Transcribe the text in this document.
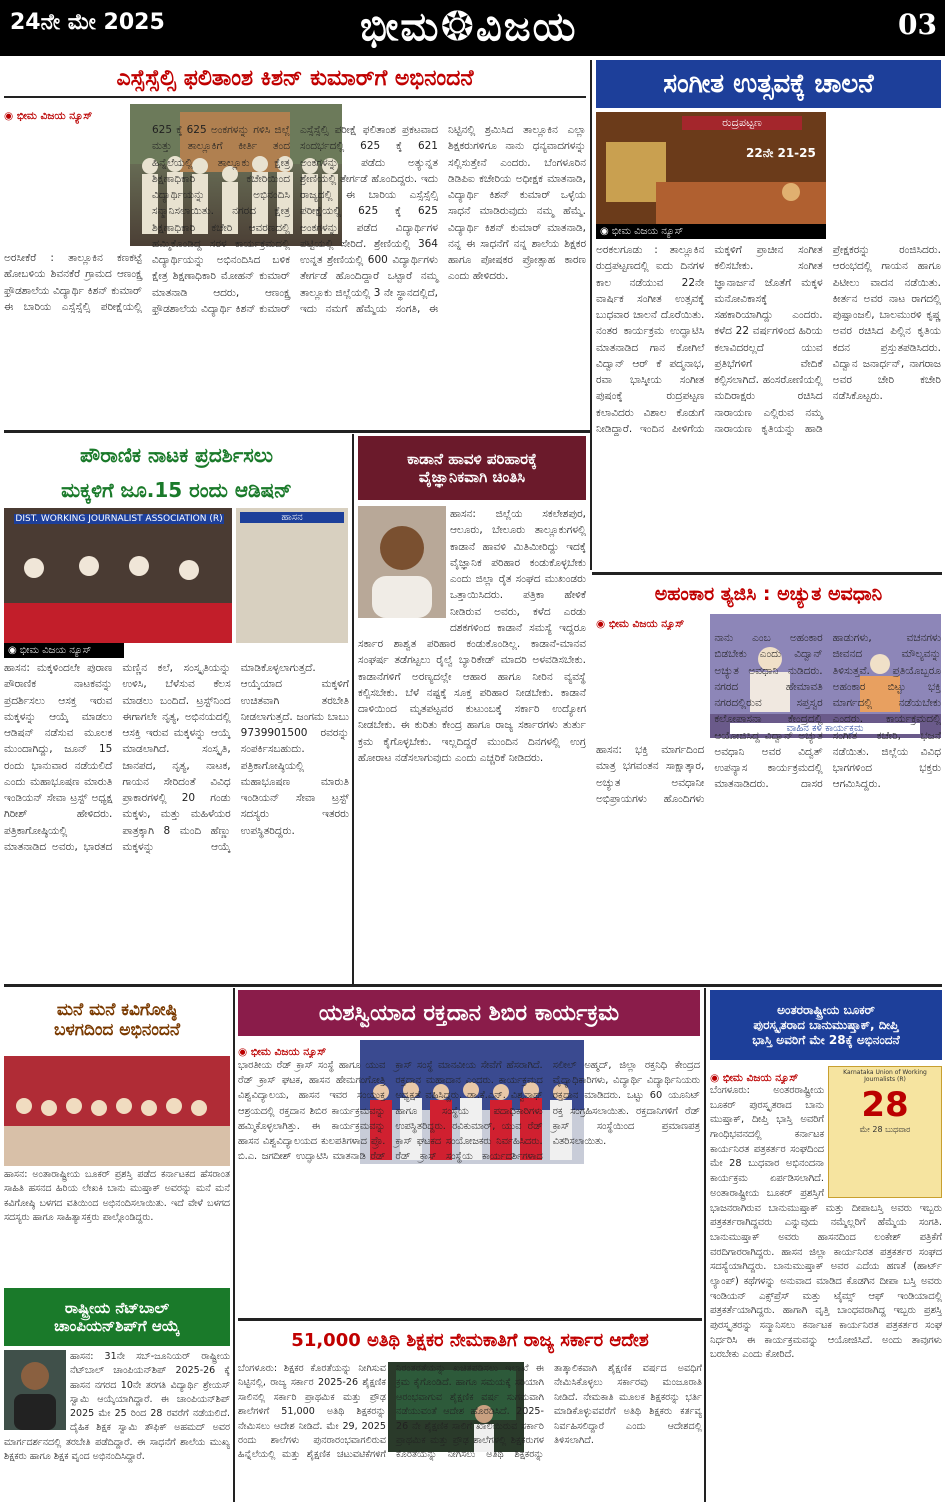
24ನೇ ಮೇ 2025	ಭೀಮ❂ವಿಜಯ	03
ಎಸ್ಸೆಸ್ಸೆಲ್ಸಿ ಫಲಿತಾಂಶ ಕಿಶನ್ ಕುಮಾರ್‌ಗೆ ಅಭಿನಂದನೆ
◉ ಭೀಮ ವಿಜಯ ನ್ಯೂಸ್
ಅರಸೀಕೆರೆ : ತಾಲ್ಲೂಕಿನ ಕಣಕಟ್ಟೆ ಹೋಬಳಿಯ ಶಿವನಕೆರೆ ಗ್ರಾಮದ ಆಣಂಕ್ಷ್ರ ಫ್ರೌಡಶಾಲೆಯ ವಿದ್ಯಾರ್ಥಿ ಕಿಶನ್ ಕುಮಾರ್ ಈ ಬಾರಿಯ ಎಸ್ಸೆಸ್ಸೆಲ್ಸಿ ಪರೀಕ್ಷೆಯಲ್ಲಿ 625 ಕ್ಕೆ 625 ಅಂಕಗಳನ್ನು ಗಳಿಸಿ ಜಿಲ್ಲೆ ಮತ್ತು ತಾಲ್ಲೂಕಿಗೆ ಕೀರ್ತಿ ತಂದ ಹಿನ್ನೆಲೆಯಲ್ಲಿ ತಾಲ್ಲೂಕು ಕ್ಷೇತ್ರ ಶಿಕ್ಷಣಾಧಿಕಾರಿ ಕಚೇರಿಯಿಂದ ವಿದ್ಯಾರ್ಥಿಯನ್ನು ಅಭಿನಂದಿಸಿ ಸನ್ಮಾನಿಸಲಾಯಿತು. ನಗರದ ಕ್ಷೇತ್ರ ಶಿಕ್ಷಣಾಧಿಕಾರಿ ಕಚೇರಿ ಆವರಣದಲ್ಲಿ ಹಮ್ಮಿಕೊಂಡಿದ್ದ ಸರಳ ಕಾರ್ಯಕ್ರಮದಲ್ಲಿ ವಿದ್ಯಾರ್ಥಿಯನ್ನು ಅಭಿನಂದಿಸಿದ ಬಳಿಕ ಕ್ಷೇತ್ರ ಶಿಕ್ಷಣಾಧಿಕಾರಿ ಮೋಹನ್ ಕುಮಾರ್ ಮಾತನಾಡಿ ಆದರು, ಆಣಂಕ್ಷ್ರ ಫ್ರೌಡಶಾಲೆಯ ವಿದ್ಯಾರ್ಥಿ ಕಿಶನ್ ಕುಮಾರ್ ಎಸ್ಸೆಸ್ಸೆಲ್ಸಿ ಪರೀಕ್ಷೆ ಫಲಿತಾಂಶ ಪ್ರಕಟವಾದ ಸಂದರ್ಭದಲ್ಲಿ 625 ಕ್ಕೆ 621 ಅಂಕಗಳನ್ನು ಪಡೆದು ಅತ್ಯುನ್ನತ ಶ್ರೇಣಿಯಲ್ಲಿ ತೇರ್ಗಡೆ ಹೊಂದಿದ್ದರು. ಇದು ರಾಜ್ಯದಲ್ಲಿ ಈ ಬಾರಿಯ ಎಸ್ಸೆಸ್ಸೆಲ್ಸಿ ಪರೀಕ್ಷೆಯಲ್ಲಿ 625 ಕ್ಕೆ 625 ಅಂಕಗಳನ್ನು ಪಡೆದ ವಿದ್ಯಾರ್ಥಿಗಳ ಪಟ್ಟಿಯಲ್ಲಿ ಸೇರಿದೆ. ಶ್ರೇಣಿಯಲ್ಲಿ 364 ಉನ್ನತ ಶ್ರೇಣಿಯಲ್ಲಿ 600 ವಿದ್ಯಾರ್ಥಿಗಳು ತೇರ್ಗಡೆ ಹೊಂದಿದ್ದಾರೆ ಒಟ್ಟಾರೆ ನಮ್ಮ ತಾಲ್ಲೂಕು ಜಿಲ್ಲೆಯಲ್ಲಿ 3 ನೇ ಸ್ಥಾನದಲ್ಲಿದೆ, ಇದು ನಮಗೆ ಹೆಮ್ಮೆಯ ಸಂಗತಿ, ಈ ನಿಟ್ಟಿನಲ್ಲಿ ಶ್ರಮಿಸಿದ ತಾಲ್ಲೂಕಿನ ಎಲ್ಲಾ ಶಿಕ್ಷಕರುಗಳಿಗೂ ನಾನು ಧನ್ಯವಾದಗಳನ್ನು ಸಲ್ಲಿಸುತ್ತೇನೆ ಎಂದರು. ಬೆಂಗಳೂರಿನ ಡಿಡಿಪಿಐ ಕಚೇರಿಯ ಅಧೀಕ್ಷಕ ಮಾತನಾಡಿ, ವಿದ್ಯಾರ್ಥಿ ಕಿಶನ್ ಕುಮಾರ್ ಒಳ್ಳೆಯ ಸಾಧನೆ ಮಾಡಿರುವುದು ನಮ್ಮ ಹೆಮ್ಮೆ. ವಿದ್ಯಾರ್ಥಿ ಕಿಶನ್ ಕುಮಾರ್ ಮಾತನಾಡಿ, ನನ್ನ ಈ ಸಾಧನೆಗೆ ನನ್ನ ಶಾಲೆಯ ಶಿಕ್ಷಕರ ಹಾಗೂ ಪೋಷಕರ ಪ್ರೋತ್ಸಾಹ ಕಾರಣ ಎಂದು ಹೇಳಿದರು.
ಸಂಗೀತ ಉತ್ಸವಕ್ಕೆ ಚಾಲನೆ
ರುದ್ರಪಟ್ಟಣ
22ನೇ 21-25
◉ ಭೀಮ ವಿಜಯ ನ್ಯೂಸ್
ಅರಕಲಗೂಡು : ತಾಲ್ಲೂಕಿನ ರುದ್ರಪಟ್ಟಣದಲ್ಲಿ ಐದು ದಿನಗಳ ಕಾಲ ನಡೆಯುವ 22ನೇ ವಾರ್ಷಿಕ ಸಂಗೀತ ಉತ್ಸವಕ್ಕೆ ಬುಧವಾರ ಚಾಲನೆ ದೊರೆಯಿತು. ನಂತರ ಕಾರ್ಯಕ್ರಮ ಉದ್ಘಾಟಿಸಿ ಮಾತನಾಡಿದ ಗಾನ ಕೋಗಿಲೆ ವಿದ್ವಾನ್ ಆರ್ ಕೆ ಪದ್ಮನಾಭ, ರವಾ ಭಾಸ್ಕೀಯ ಸಂಗೀತ ಪುಷಂಕ್ಕೆ ರುದ್ರಪಟ್ಟಣ ಕಲಾವಿದರು ವಿಶಾಲ ಕೊಡುಗೆ ನೀಡಿದ್ದಾರೆ. ಇಂದಿನ ಪೀಳಿಗೆಯ ಮಕ್ಕಳಿಗೆ ಪ್ರಾಚೀನ ಸಂಗೀತ ಕಲಿಸಬೇಕು. ಸಂಗೀತ ಜ್ಞಾನಾರ್ಜನೆ ಜೊತೆಗೆ ಮಕ್ಕಳ ಮನೋವಿಕಾಸಕ್ಕೆ ಸಹಕಾರಿಯಾಗಿದ್ದು ಎಂದರು. ಕಳೆದ 22 ವರ್ಷಗಳಿಂದ ಹಿರಿಯ ಕಲಾವಿದರಲ್ಲದೆ ಯುವ ಪ್ರತಿಭೆಗಳಿಗೆ ವೇದಿಕೆ ಕಲ್ಪಿಸಲಾಗಿದೆ. ಹಂಸರೋಣಿಯಲ್ಲಿ ಮದಿರಾಕ್ಷರು ರಚಿಸಿದ ನಾರಾಯಣ ಎಲ್ಲಿರುವ ನಮ್ಮ ನಾರಾಯಣ ಕೃತಿಯನ್ನು ಹಾಡಿ ಪ್ರೇಕ್ಷಕರನ್ನು ರಂಜಿಸಿದರು. ಆರಂಭದಲ್ಲಿ ಗಾಯನ ಹಾಗೂ ಪಿಟೀಲು ವಾದನ ನಡೆಯಿತು. ಕೀರ್ತನ ಅವರ ನಾಟ ರಾಗದಲ್ಲಿ ಪುಷ್ಪಾಂಜಲಿ, ಬಾಲಮುರಳಿ ಕೃಷ್ಣ ಅವರ ರಚಿಸಿದ ಪಿಲ್ಲಿನ ಕೃತಿಯ ಕದನ ಪ್ರಸ್ತುತಪಡಿಸಿದರು. ವಿದ್ವಾನ ಜನಾರ್ಧನ್, ನಾಗರಾಜ ಅವರ ಚೇರಿ ಕಚೇರಿ ನಡೆಸಿಕೊಟ್ಟರು.
ಪೌರಾಣಿಕ ನಾಟಕ ಪ್ರದರ್ಶಿಸಲು
ಮಕ್ಕಳಿಗೆ ಜೂ.15 ರಂದು ಆಡಿಷನ್
DIST. WORKING JOURNALIST ASSOCIATION (R)	ಹಾಸನ
◉ ಭೀಮ ವಿಜಯ ನ್ಯೂಸ್
ಹಾಸನ: ಮಕ್ಕಳಿಂದಲೇ ಪುರಾಣ ಪೌರಾಣಿಕ ನಾಟಕವನ್ನು ಪ್ರದರ್ಶಿಸಲು ಆಸಕ್ತ ಇರುವ ಮಕ್ಕಳನ್ನು ಆಯ್ಕೆ ಮಾಡಲು ಆಡಿಷನ್ ನಡೆಸುವ ಮೂಲಕ ಮುಂದಾಗಿದ್ದು, ಜೂನ್ 15 ರಂದು ಭಾನುವಾರ ನಡೆಯಲಿದೆ ಎಂದು ಮಹಾಭೂಷಣ ಮಾರುತಿ ಇಂಡಿಯನ್ ಸೇವಾ ಟ್ರಸ್ಟ್ ಅಧ್ಯಕ್ಷ ಗಿರೀಶ್ ಹೇಳಿದರು. ಪತ್ರಿಕಾಗೋಷ್ಠಿಯಲ್ಲಿ ಮಾತನಾಡಿದ ಅವರು, ಭಾರತದ ಮಣ್ಣಿನ ಕಲೆ, ಸಂಸ್ಕೃತಿಯನ್ನು ಉಳಿಸಿ, ಬೆಳೆಸುವ ಕೆಲಸ ಮಾಡಲು ಬಂದಿದೆ. ಟ್ರಸ್ಟ್‌ನಿಂದ ಈಗಾಗಲೇ ನೃತ್ಯ, ಅಭಿನಯದಲ್ಲಿ ಆಸಕ್ತಿ ಇರುವ ಮಕ್ಕಳನ್ನು ಆಯ್ಕೆ ಮಾಡಲಾಗಿದೆ. ಸಂಸ್ಕೃತಿ, ಜಾನಪದ, ನೃತ್ಯ, ನಾಟಕ, ಗಾಯನ ಸೇರಿದಂತೆ ವಿವಿಧ ಪ್ರಾಕಾರಗಳಲ್ಲಿ 20 ಗಂಡು ಮಕ್ಕಳು, ಮತ್ತು ಮಹಿಳೆಯರ ಪಾತ್ರಕ್ಕಾಗಿ 8 ಮಂದಿ ಹೆಣ್ಣು ಮಕ್ಕಳನ್ನು ಆಯ್ಕೆ ಮಾಡಿಕೊಳ್ಳಲಾಗುತ್ತದೆ. ಆಯ್ಕೆಯಾದ ಮಕ್ಕಳಿಗೆ ಉಚಿತವಾಗಿ ತರಬೇತಿ ನೀಡಲಾಗುತ್ತದೆ. ಜಂಗಮ ಬಾಬು 9739901500 ರವರನ್ನು ಸಂಪರ್ಕಿಸಬಹುದು. ಪತ್ರಿಕಾಗೋಷ್ಠಿಯಲ್ಲಿ ಮಹಾಭೂಷಣ ಮಾರುತಿ ಇಂಡಿಯನ್ ಸೇವಾ ಟ್ರಸ್ಟ್ ಸದಸ್ಯರು ಇತರರು ಉಪಸ್ಥಿತರಿದ್ದರು.
ಕಾಡಾನೆ ಹಾವಳಿ ಪರಿಹಾರಕ್ಕೆ
ವೈಜ್ಞಾನಿಕವಾಗಿ ಚಿಂತಿಸಿ
ಹಾಸನ: ಜಿಲ್ಲೆಯ ಸಕಲೇಶಪುರ, ಆಲೂರು, ಬೇಲೂರು ತಾಲ್ಲೂಕುಗಳಲ್ಲಿ ಕಾಡಾನೆ ಹಾವಳಿ ಮಿತಿಮೀರಿದ್ದು ಇದಕ್ಕೆ ವೈಜ್ಞಾನಿಕ ಪರಿಹಾರ ಕಂಡುಕೊಳ್ಳಬೇಕು ಎಂದು ಜಿಲ್ಲಾ ರೈತ ಸಂಘದ ಮುಖಂಡರು ಒತ್ತಾಯಿಸಿದರು. ಪತ್ರಿಕಾ ಹೇಳಿಕೆ ನೀಡಿರುವ ಅವರು, ಕಳೆದ ಎರಡು ದಶಕಗಳಿಂದ ಕಾಡಾನೆ ಸಮಸ್ಯೆ ಇದ್ದರೂ ಸರ್ಕಾರ ಶಾಶ್ವತ ಪರಿಹಾರ ಕಂಡುಕೊಂಡಿಲ್ಲ. ಕಾಡಾನೆ-ಮಾನವ ಸಂಘರ್ಷ ತಡೆಗಟ್ಟಲು ರೈಲ್ವೆ ಬ್ಯಾರಿಕೇಡ್ ಮಾದರಿ ಅಳವಡಿಸಬೇಕು. ಕಾಡಾನೆಗಳಿಗೆ ಅರಣ್ಯದಲ್ಲೇ ಆಹಾರ ಹಾಗೂ ನೀರಿನ ವ್ಯವಸ್ಥೆ ಕಲ್ಪಿಸಬೇಕು. ಬೆಳೆ ನಷ್ಟಕ್ಕೆ ಸೂಕ್ತ ಪರಿಹಾರ ನೀಡಬೇಕು. ಕಾಡಾನೆ ದಾಳಿಯಿಂದ ಮೃತಪಟ್ಟವರ ಕುಟುಂಬಕ್ಕೆ ಸರ್ಕಾರಿ ಉದ್ಯೋಗ ನೀಡಬೇಕು. ಈ ಕುರಿತು ಕೇಂದ್ರ ಹಾಗೂ ರಾಜ್ಯ ಸರ್ಕಾರಗಳು ತುರ್ತು ಕ್ರಮ ಕೈಗೊಳ್ಳಬೇಕು. ಇಲ್ಲದಿದ್ದರೆ ಮುಂದಿನ ದಿನಗಳಲ್ಲಿ ಉಗ್ರ ಹೋರಾಟ ನಡೆಸಲಾಗುವುದು ಎಂದು ಎಚ್ಚರಿಕೆ ನೀಡಿದರು.
ಅಹಂಕಾರ ತ್ಯಜಿಸಿ : ಅಚ್ಯುತ ಅವಧಾನಿ
◉ ಭೀಮ ವಿಜಯ ನ್ಯೂಸ್
ವಾಹಿನ ಕಳಿ ಕಾರ್ಯಕ್ರಮ
ಹಾಸನ: ಭಕ್ತಿ ಮಾರ್ಗದಿಂದ ಮಾತ್ರ ಭಗವಂತನ ಸಾಕ್ಷಾತ್ಕಾರ, ಅಚ್ಯುತ ಅವಧಾನೀ ಅಭಿಪ್ರಾಯಗಳು ಹೊಂದಿಗಳು ನಾನು ಎಂಬ ಅಹಂಕಾರ ಬಿಡಬೇಕು ಎಂದು ವಿದ್ವಾನ್ ಅಚ್ಯುತ ಅವಧಾನಿ ನುಡಿದರು. ನಗರದ ಹೇಮಾವತಿ ನಗರದಲ್ಲಿರುವ ಸಪ್ತಸ್ವರ ಕಲೋಪಾಸನಾ ಕೇಂದ್ರದಲ್ಲಿ ಆಯೋಜಿಸಿದ್ದ ವಿದ್ವಾನ್ ಅಚ್ಯುತ ಅವಧಾನಿ ಅವರ ವಿದ್ವತ್ ಉಪನ್ಯಾಸ ಕಾರ್ಯಕ್ರಮದಲ್ಲಿ ಮಾತನಾಡಿದರು. ದಾಸರ ಹಾಡುಗಳು, ವಚನಗಳು ಜೀವನದ ಮೌಲ್ಯವನ್ನು ತಿಳಿಸುತ್ತವೆ. ಪ್ರತಿಯೊಬ್ಬರೂ ಅಹಂಕಾರ ಬಿಟ್ಟು ಭಕ್ತಿ ಮಾರ್ಗದಲ್ಲಿ ನಡೆಯಬೇಕು ಎಂದರು. ಕಾರ್ಯಕ್ರಮದಲ್ಲಿ ಸಂಗೀತ ಕಚೇರಿ, ಭಜನೆ ನಡೆಯಿತು. ಜಿಲ್ಲೆಯ ವಿವಿಧ ಭಾಗಗಳಿಂದ ಭಕ್ತರು ಆಗಮಿಸಿದ್ದರು.
ಮನೆ ಮನೆ ಕವಿಗೋಷ್ಠಿ
ಬಳಗದಿಂದ ಅಭಿನಂದನೆ
ಹಾಸನ: ಅಂತಾರಾಷ್ಟ್ರೀಯ ಬೂಕರ್ ಪ್ರಶಸ್ತಿ ಪಡೆದ ಕರ್ನಾಟಕದ ಹೆಸರಾಂತ ಸಾಹಿತಿ ಹಸನದ ಹಿರಿಯ ಲೇಖಕಿ ಬಾನು ಮುಷ್ತಾಕ್ ಅವರನ್ನು ಮನೆ ಮನೆ ಕವಿಗೋಷ್ಠಿ ಬಳಗದ ವತಿಯಿಂದ ಅಭಿನಂದಿಸಲಾಯಿತು. ಇದೆ ವೇಳೆ ಬಳಗದ ಸದಸ್ಯರು ಹಾಗೂ ಸಾಹಿತ್ಯಾಸಕ್ತರು ಪಾಲ್ಗೊಂಡಿದ್ದರು.
ರಾಷ್ಟ್ರೀಯ ನೆಟ್‌ಬಾಲ್
ಚಾಂಪಿಯನ್‌ಶಿಪ್‌ಗೆ ಆಯ್ಕೆ
ಹಾಸನ: 31ನೇ ಸಬ್-ಜೂನಿಯರ್ ರಾಷ್ಟ್ರೀಯ ನೆಟ್‌ಬಾಲ್ ಚಾಂಪಿಯನ್‌ಶಿಪ್ 2025-26 ಕ್ಕೆ ಹಾಸನ ನಗರದ 10ನೇ ತರಗತಿ ವಿದ್ಯಾರ್ಥಿ ಶ್ರೇಯಸ್ ಸ್ವಾಮಿ ಆಯ್ಕೆಯಾಗಿದ್ದಾರೆ. ಈ ಚಾಂಪಿಯನ್‌ಶಿಪ್ 2025 ಮೇ 25 ರಿಂದ 28 ರವರೆಗೆ ನಡೆಯಲಿದೆ. ದೈಹಿಕ ಶಿಕ್ಷಕ ಸ್ವಾಮಿ ತೌಫಿಕ್ ಅಹಮದ್ ಅವರ ಮಾರ್ಗದರ್ಶನದಲ್ಲಿ ತರಬೇತಿ ಪಡೆದಿದ್ದಾರೆ. ಈ ಸಾಧನೆಗೆ ಶಾಲೆಯ ಮುಖ್ಯ ಶಿಕ್ಷಕರು ಹಾಗೂ ಶಿಕ್ಷಕ ವೃಂದ ಅಭಿನಂದಿಸಿದ್ದಾರೆ.
ಯಶಸ್ವಿಯಾದ ರಕ್ತದಾನ ಶಿಬಿರ ಕಾರ್ಯಕ್ರಮ
◉ ಭೀಮ ವಿಜಯ ನ್ಯೂಸ್
ಭಾರತೀಯ ರೆಡ್ ಕ್ರಾಸ್ ಸಂಸ್ಥೆ ಹಾಗೂ ಯುವ ರೆಡ್ ಕ್ರಾಸ್ ಘಟಕ, ಹಾಸನ ಹೇಮಗಂಗೋತ್ರಿ ವಿಶ್ವವಿದ್ಯಾಲಯ, ಹಾಸನ ಇವರ ಸಂಯುಕ್ತ ಆಶ್ರಯದಲ್ಲಿ ರಕ್ತದಾನ ಶಿಬಿರ ಕಾರ್ಯಕ್ರಮವನ್ನು ಹಮ್ಮಿಕೊಳ್ಳಲಾಗಿತ್ತು. ಈ ಕಾರ್ಯಕ್ರಮವನ್ನು ಹಾಸನ ವಿಶ್ವವಿದ್ಯಾಲಯದ ಕುಲಪತಿಗಳಾದ ಪ್ರೊ. ಬಿ.ಎ. ಜಗದೀಶ್ ಉದ್ಘಾಟಿಸಿ ಮಾತನಾಡಿ ರೆಡ್ ಕ್ರಾಸ್ ಸಂಸ್ಥೆ ಮಾನವೀಯ ಸೇವೆಗೆ ಹೆಸರಾಗಿದೆ. ರಕ್ತದಾನ ಮಹಾದಾನ ಎಂದರು. ಕಾರ್ಯಕ್ರಮದ ಅಧ್ಯಕ್ಷತೆ ವಹಿಸಿದ್ದರು. ಡಾ.ಕೆ.ಎನ್. ವಿಶ್ವನಾಥ್ ಹಾಗೂ ಸಂಸ್ಥೆಯ ಪದಾಧಿಕಾರಿಗಳು ಉಪಸ್ಥಿತರಿದ್ದರು. ರವಿಕುಮಾರ್, ಯುವ ರೆಡ್ ಕ್ರಾಸ್ ಘಟಕದ ಸಂಯೋಜಕರು ನಿರ್ವಹಿಸಿದರು. ರೆಡ್ ಕ್ರಾಸ್ ಸಂಸ್ಥೆಯ ಕಾರ್ಯದರ್ಶಿಗಳಾದ ಸಲೀಲ್ ಅಹ್ಮದ್, ಜಿಲ್ಲಾ ರಕ್ತನಿಧಿ ಕೇಂದ್ರದ ವೈದ್ಯಾಧಿಕಾರಿಗಳು, ವಿದ್ಯಾರ್ಥಿ ವಿದ್ಯಾರ್ಥಿನಿಯರು ರಕ್ತದಾನ ಮಾಡಿದರು. ಒಟ್ಟು 60 ಯೂನಿಟ್ ರಕ್ತ ಸಂಗ್ರಹಿಸಲಾಯಿತು. ರಕ್ತದಾನಿಗಳಿಗೆ ರೆಡ್ ಕ್ರಾಸ್ ಸಂಸ್ಥೆಯಿಂದ ಪ್ರಮಾಣಪತ್ರ ವಿತರಿಸಲಾಯಿತು.
51,000 ಅತಿಥಿ ಶಿಕ್ಷಕರ ನೇಮಕಾತಿಗೆ ರಾಜ್ಯ ಸರ್ಕಾರ ಆದೇಶ
ಬೆಂಗಳೂರು: ಶಿಕ್ಷಕರ ಕೊರತೆಯನ್ನು ನೀಗಿಸುವ ನಿಟ್ಟಿನಲ್ಲಿ, ರಾಜ್ಯ ಸರ್ಕಾರ 2025-26 ಶೈಕ್ಷಣಿಕ ಸಾಲಿನಲ್ಲಿ ಸರ್ಕಾರಿ ಪ್ರಾಥಮಿಕ ಮತ್ತು ಪ್ರೌಢ ಶಾಲೆಗಳಿಗೆ 51,000 ಅತಿಥಿ ಶಿಕ್ಷಕರನ್ನು ನೇಮಿಸಲು ಆದೇಶ ನೀಡಿದೆ. ಮೇ 29, 2025 ರಂದು ಶಾಲೆಗಳು ಪುನರಾರಂಭವಾಗಲಿರುವ ಹಿನ್ನೆಲೆಯಲ್ಲಿ ಮತ್ತು ಶೈಕ್ಷಣಿಕ ಚಟುವಟಿಕೆಗಳಿಗೆ ನಿರಂತರತೆಯನ್ನು ಖಚಿತಪಡಿಸಲು ಇಲಾಖೆ ಈ ಕ್ರಮ ಕೈಗೊಂಡಿದೆ. ಹಾಗೂ ಸಮಯಕ್ಕೆ ಸರಿಯಾಗಿ ಆರಂಭವಾಗುವ ಶೈಕ್ಷಣಿಕ ವರ್ಷ ಸುಗಮವಾಗಿ ನಡೆಯುವಂತೆ ಆದೇಶ ಹೊರಡಿಸಿದೆ. 2025-26 ನೇ ಶೈಕ್ಷಣಿಕ ಸಾಲಿಗೆ ಖಾಲಿಯಿರುವ ಸರ್ಕಾರಿ ಪ್ರಾಥಮಿಕ ಮತ್ತು ಪ್ರೌಢ ಶಾಲೆಗಳಲ್ಲಿ ಶಿಕ್ಷಕರುಗಳ ಕೊರತೆಯನ್ನು ನೀಗಿಸಲು ಅತಿಥಿ ಶಿಕ್ಷಕರನ್ನು ತಾತ್ಕಾಲಿಕವಾಗಿ ಶೈಕ್ಷಣಿಕ ವರ್ಷದ ಅವಧಿಗೆ ನೇಮಿಸಿಕೊಳ್ಳಲು ಸರ್ಕಾರವು ಮಂಜೂರಾತಿ ನೀಡಿದೆ. ನೇಮಕಾತಿ ಮೂಲಕ ಶಿಕ್ಷಕರನ್ನು ಭರ್ತಿ ಮಾಡಿಕೊಳ್ಳುವವರೆಗೆ ಅತಿಥಿ ಶಿಕ್ಷಕರು ಕರ್ತವ್ಯ ನಿರ್ವಹಿಸಲಿದ್ದಾರೆ ಎಂದು ಆದೇಶದಲ್ಲಿ ತಿಳಿಸಲಾಗಿದೆ.
ಅಂತರರಾಷ್ಟ್ರೀಯ ಬೂಕರ್
ಪುರಸ್ಕೃತರಾದ ಬಾನುಮುಷ್ತಾಕ್, ದೀಪ್ತಿ
ಭಾಸ್ತಿ ಅವರಿಗೆ ಮೇ 28ಕ್ಕೆ ಅಭಿನಂದನೆ
◉ ಭೀಮ ವಿಜಯ ನ್ಯೂಸ್	Karnataka Union of Working Journalists (R)
28
ಮೇ 28 ಬುಧವಾರ
ಬೆಂಗಳೂರು: ಅಂತರರಾಷ್ಟ್ರೀಯ ಬೂಕರ್ ಪುರಸ್ಕೃತರಾದ ಬಾನು ಮುಷ್ತಾಕ್, ದೀಪ್ತಿ ಭಾಸ್ತಿ ಅವರಿಗೆ ಗಾಂಧಿಭವನದಲ್ಲಿ ಕರ್ನಾಟಕ ಕಾರ್ಯನಿರತ ಪತ್ರಕರ್ತರ ಸಂಘದಿಂದ ಮೇ 28 ಬುಧವಾರ ಅಭಿನಂದನಾ ಕಾರ್ಯಕ್ರಮ ಏರ್ಪಡಿಸಲಾಗಿದೆ. ಅಂತಾರಾಷ್ಟ್ರೀಯ ಬೂಕರ್ ಪ್ರಶಸ್ತಿಗೆ ಭಾಜನರಾಗಿರುವ ಬಾನುಮುಷ್ತಾಕ್ ಮತ್ತು ದೀಪಾಬಸ್ತಿ ಅವರು ಇಬ್ಬರು ಪತ್ರಕರ್ತರಾಗಿದ್ದವರು ಎನ್ನುವುದು ನಮ್ಮೆಲ್ಲರಿಗೆ ಹೆಮ್ಮೆಯ ಸಂಗತಿ. ಬಾನುಮುಷ್ತಾಕ್ ಅವರು ಹಾಸನದಿಂದ ಲಂಕೇಶ್ ಪತ್ರಿಕೆಗೆ ವರದಿಗಾರರಾಗಿದ್ದರು. ಹಾಸನ ಜಿಲ್ಲಾ ಕಾರ್ಯನಿರತ ಪತ್ರಕರ್ತರ ಸಂಘದ ಸದಸ್ಯೆಯಾಗಿದ್ದರು. ಬಾನುಮುಷ್ತಾಕ್ ಅವರ ಎದೆಯ ಹಣತೆ (ಹಾರ್ಟ್ ಲ್ಯಾಂಪ್) ಕಥೆಗಳನ್ನು ಅನುವಾದ ಮಾಡಿದ ಕೊಡಗಿನ ದೀಪಾ ಬಸ್ತಿ ಅವರು ಇಂಡಿಯನ್ ಎಕ್ಸ್‌ಪ್ರೆಸ್ ಮತ್ತು ಟೈಮ್ಸ್ ಆಫ್ ಇಂಡಿಯಾದಲ್ಲಿ ಪತ್ರಕರ್ತೆಯಾಗಿದ್ದರು. ಹಾಗಾಗಿ ವೃತ್ತಿ ಬಾಂಧವರಾಗಿದ್ದ ಇಬ್ಬರು ಪ್ರಶಸ್ತಿ ಪುರಸ್ಕೃತರನ್ನು ಸನ್ಮಾನಿಸಲು ಕರ್ನಾಟಕ ಕಾರ್ಯನಿರತ ಪತ್ರಕರ್ತರ ಸಂಘ ನಿರ್ಧರಿಸಿ ಈ ಕಾರ್ಯಕ್ರಮವನ್ನು ಆಯೋಜಿಸಿದೆ. ಅಂದು ತಾವುಗಳು ಬರಬೇಕು ಎಂದು ಕೋರಿದೆ.
